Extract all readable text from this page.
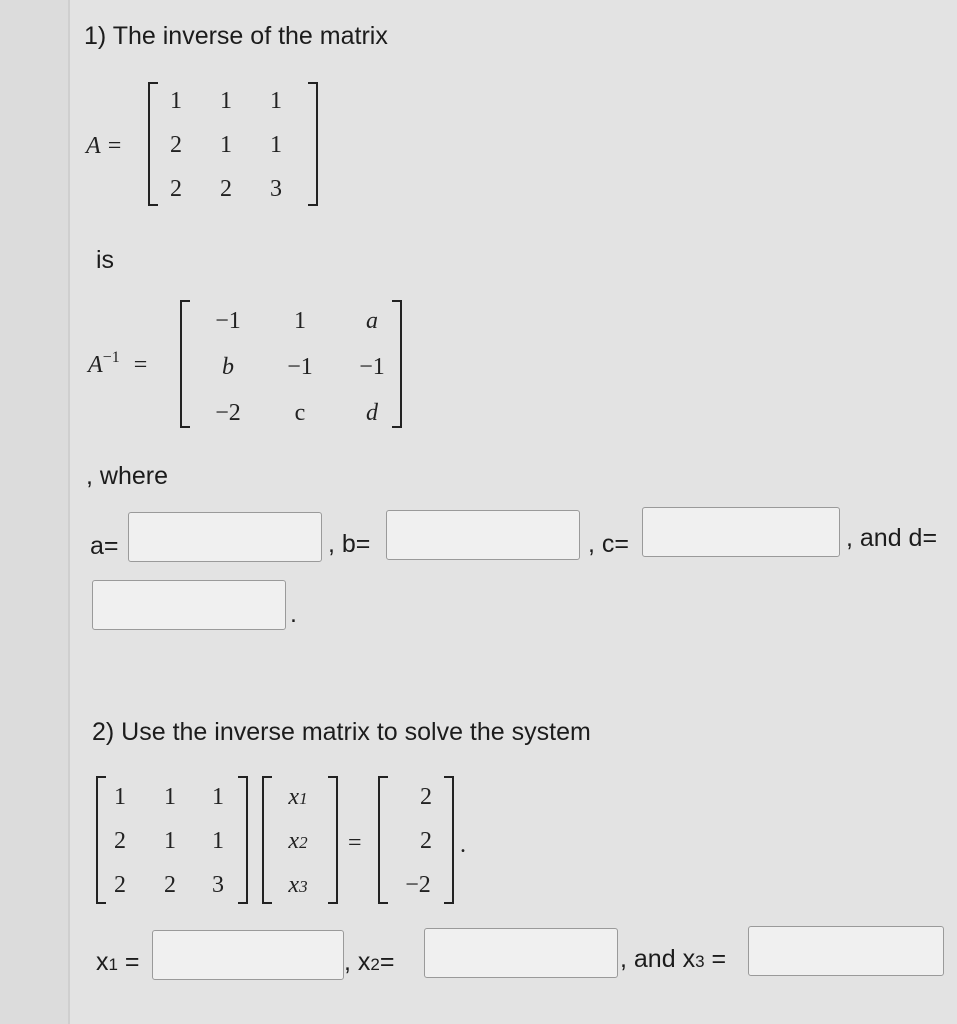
1) The inverse of the matrix
A =
1	1	1
2	1	1
2	2	3
is
$A^{-1}$ =
−1	1	a
b	−1	−1
−2	c	d
, where
a=	, b=	, c=	, and d=
.
2) Use the inverse matrix to solve the system
1	1	1
2	1	1
2	2	3
x1
x2
x3
=
2
2
−2
.
x1 =	, x2=	, and x3 =
